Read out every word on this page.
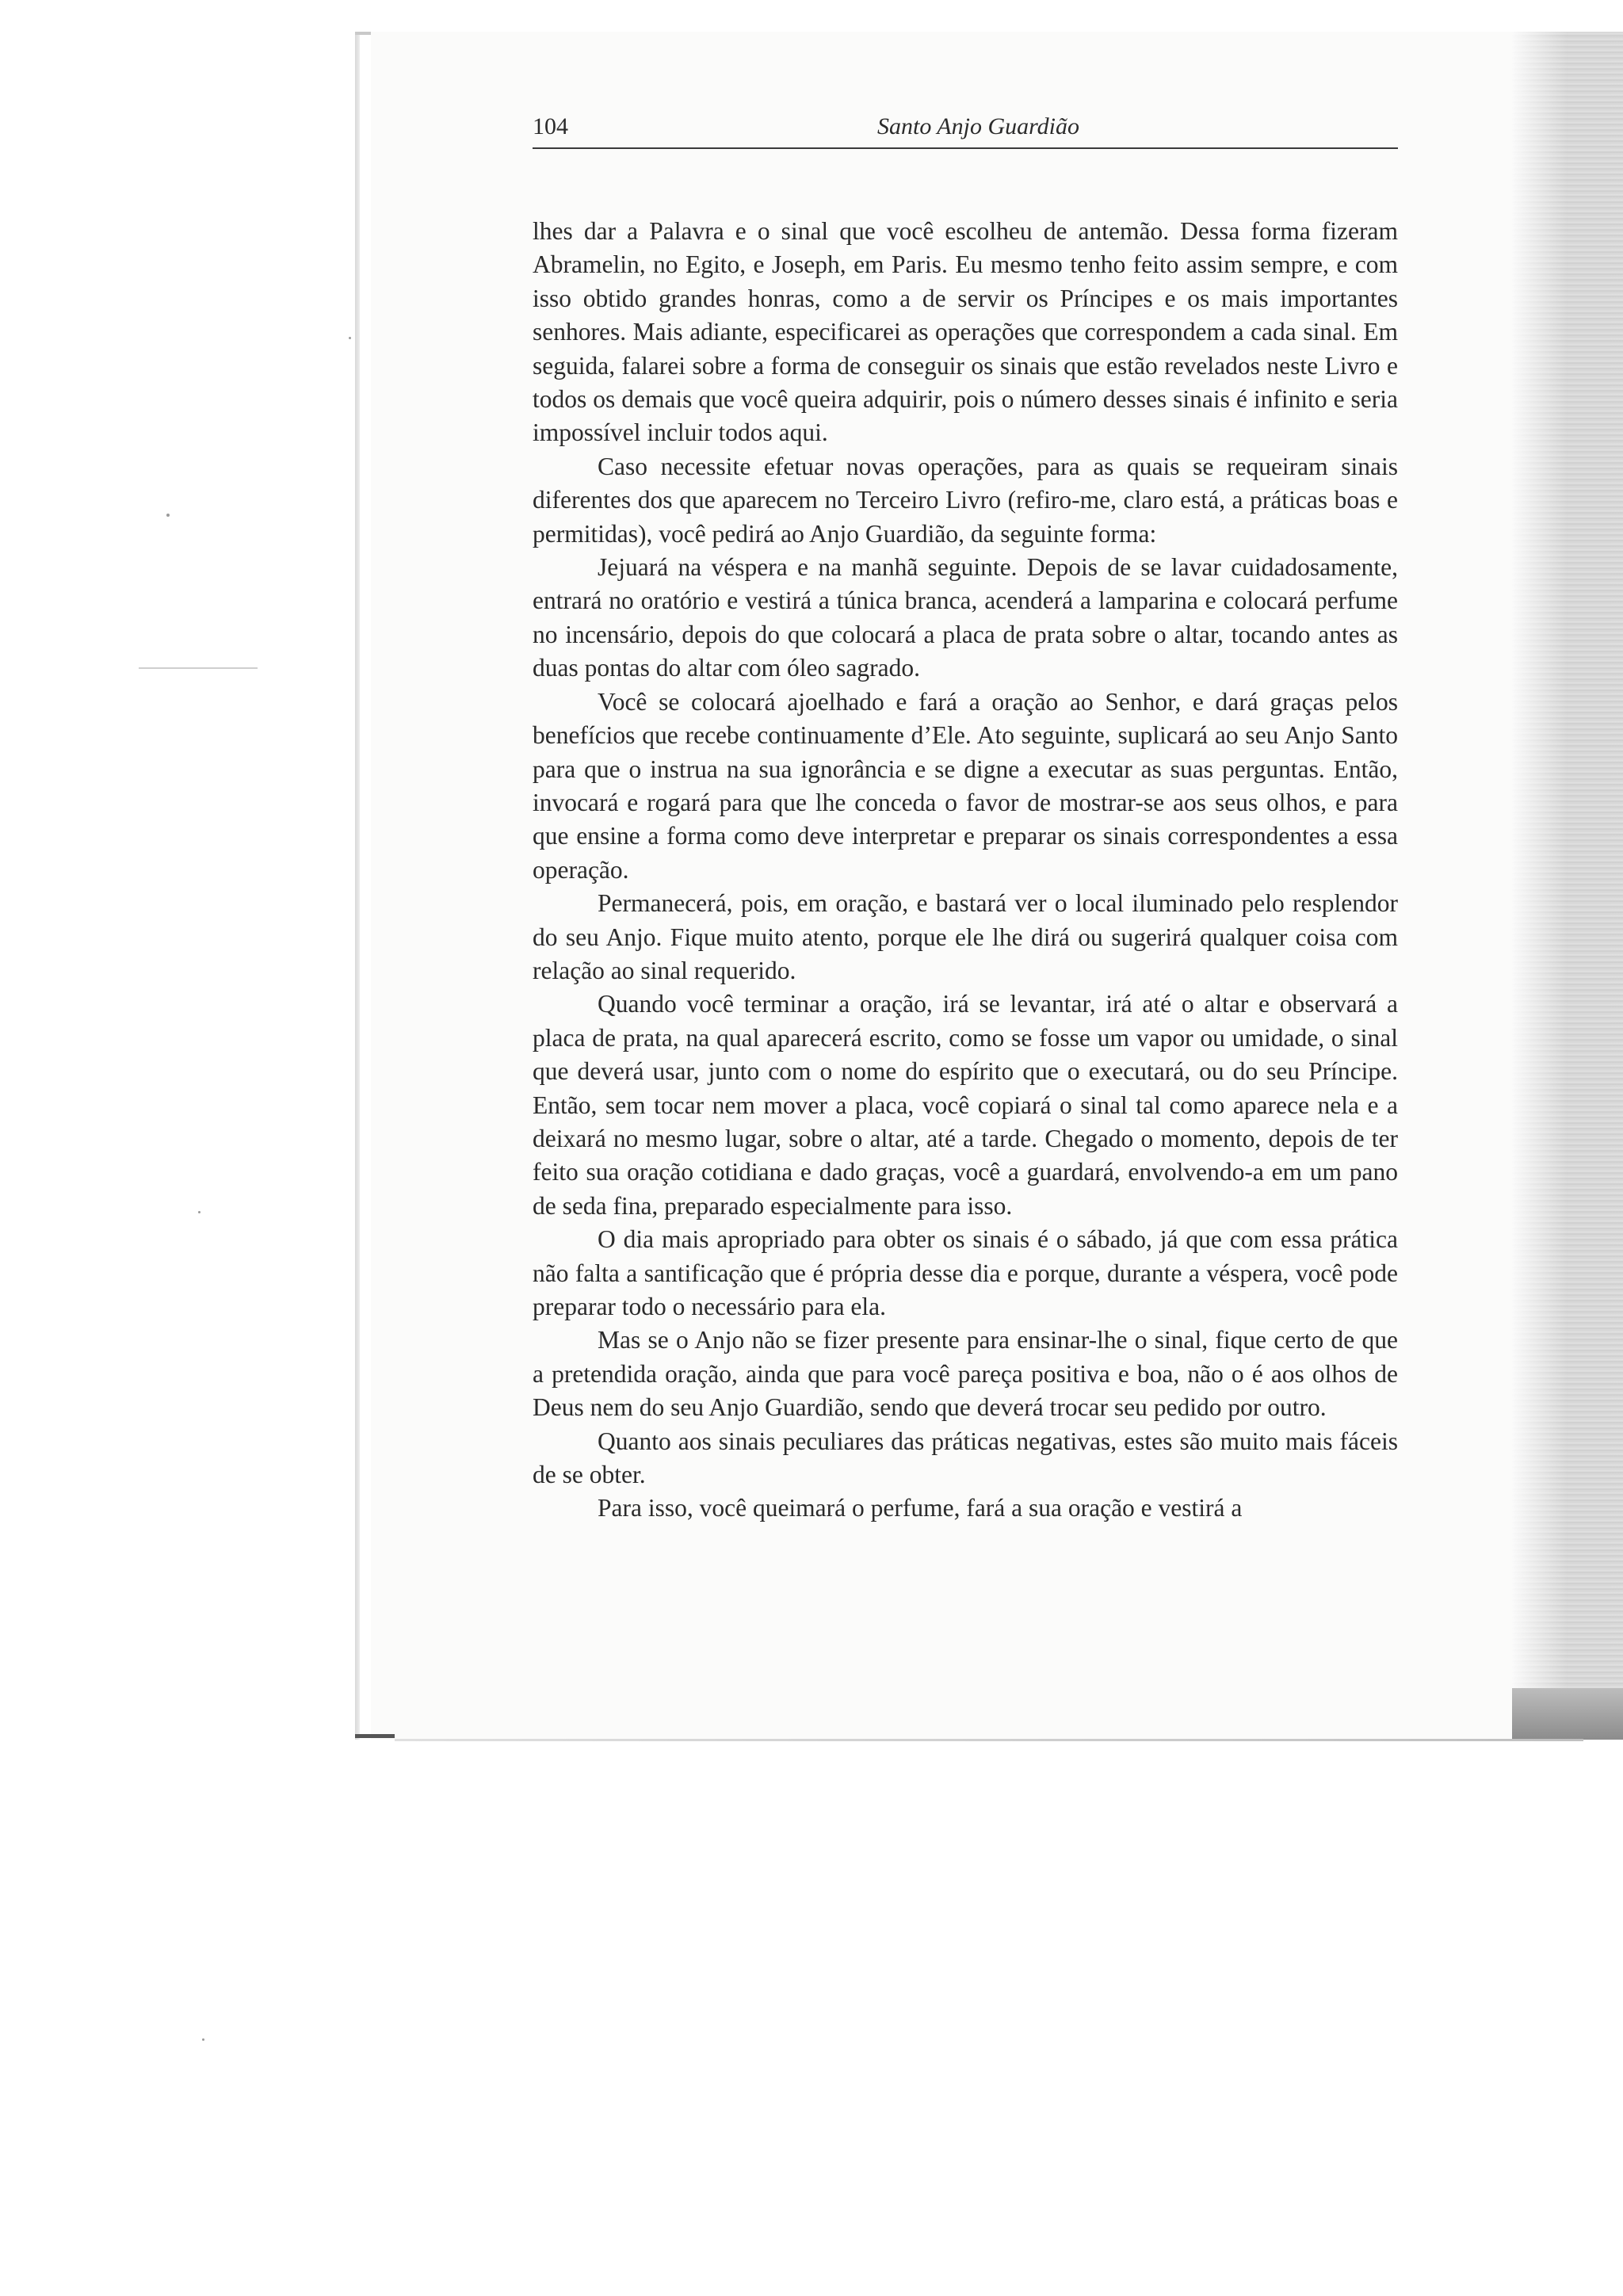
104	Santo Anjo Guardião

lhes dar a Palavra e o sinal que você escolheu de antemão. Dessa forma fizeram Abramelin, no Egito, e Joseph, em Paris. Eu mesmo tenho feito assim sempre, e com isso obtido grandes honras, como a de servir os Príncipes e os mais importantes senhores. Mais adiante, especificarei as operações que correspondem a cada sinal. Em seguida, falarei sobre a forma de conseguir os sinais que estão revelados neste Livro e todos os demais que você queira adquirir, pois o número desses sinais é infinito e seria impossível incluir todos aqui.

Caso necessite efetuar novas operações, para as quais se requeiram sinais diferentes dos que aparecem no Terceiro Livro (refiro-me, claro está, a práticas boas e permitidas), você pedirá ao Anjo Guardião, da seguinte forma:

Jejuará na véspera e na manhã seguinte. Depois de se lavar cuidadosamente, entrará no oratório e vestirá a túnica branca, acenderá a lamparina e colocará perfume no incensário, depois do que colocará a placa de prata sobre o altar, tocando antes as duas pontas do altar com óleo sagrado.

Você se colocará ajoelhado e fará a oração ao Senhor, e dará graças pelos benefícios que recebe continuamente d’Ele. Ato seguinte, suplicará ao seu Anjo Santo para que o instrua na sua ignorância e se digne a executar as suas perguntas. Então, invocará e rogará para que lhe conceda o favor de mostrar-se aos seus olhos, e para que ensine a forma como deve interpretar e preparar os sinais correspondentes a essa operação.

Permanecerá, pois, em oração, e bastará ver o local iluminado pelo resplendor do seu Anjo. Fique muito atento, porque ele lhe dirá ou sugerirá qualquer coisa com relação ao sinal requerido.

Quando você terminar a oração, irá se levantar, irá até o altar e observará a placa de prata, na qual aparecerá escrito, como se fosse um vapor ou umidade, o sinal que deverá usar, junto com o nome do espírito que o executará, ou do seu Príncipe. Então, sem tocar nem mover a placa, você copiará o sinal tal como aparece nela e a deixará no mesmo lugar, sobre o altar, até a tarde. Chegado o momento, depois de ter feito sua oração cotidiana e dado graças, você a guardará, envolvendo-a em um pano de seda fina, preparado especialmente para isso.

O dia mais apropriado para obter os sinais é o sábado, já que com essa prática não falta a santificação que é própria desse dia e porque, durante a véspera, você pode preparar todo o necessário para ela.

Mas se o Anjo não se fizer presente para ensinar-lhe o sinal, fique certo de que a pretendida oração, ainda que para você pareça positiva e boa, não o é aos olhos de Deus nem do seu Anjo Guardião, sendo que deverá trocar seu pedido por outro.

Quanto aos sinais peculiares das práticas negativas, estes são muito mais fáceis de se obter.

Para isso, você queimará o perfume, fará a sua oração e vestirá a
